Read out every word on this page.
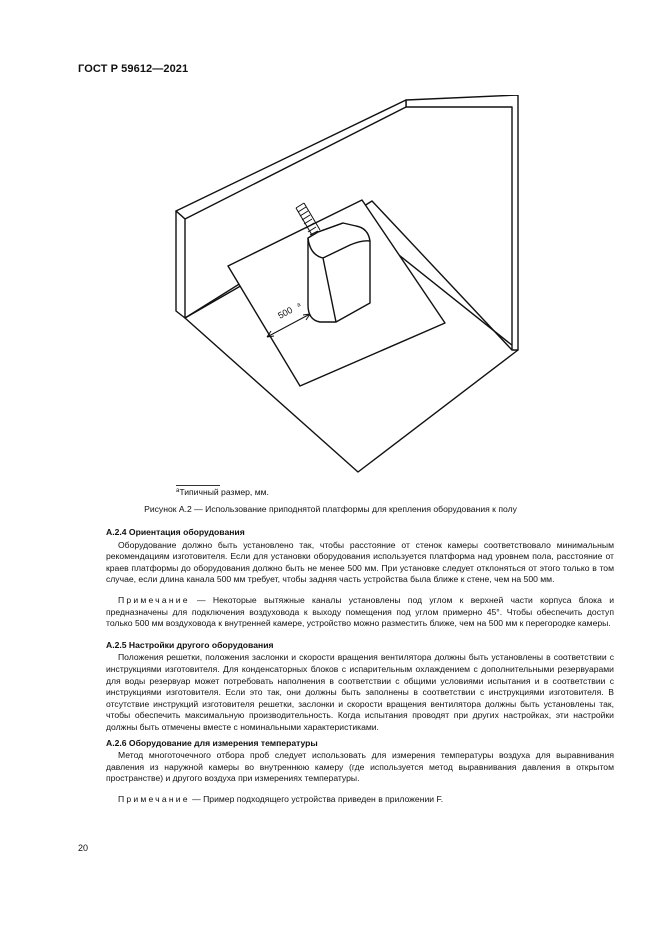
ГОСТ Р 59612—2021
500 a
$^a$Типичный размер, мм.
Рисунок А.2 — Использование приподнятой платформы для крепления оборудования к полу
А.2.4 Ориентация оборудования

Оборудование должно быть установлено так, чтобы расстояние от стенок камеры соответствовало минимальным рекомендациям изготовителя. Если для установки оборудования используется платформа над уровнем пола, расстояние от краев платформы до оборудования должно быть не менее 500 мм. При установке следует отклоняться от этого только в том случае, если длина канала 500 мм требует, чтобы задняя часть устройства была ближе к стене, чем на 500 мм.

Примечание — Некоторые вытяжные каналы установлены под углом к верхней части корпуса блока и предназначены для подключения воздуховода к выходу помещения под углом примерно 45°. Чтобы обеспечить доступ только 500 мм воздуховода к внутренней камере, устройство можно разместить ближе, чем на 500 мм к перегородке камеры.

А.2.5 Настройки другого оборудования

Положения решетки, положения заслонки и скорости вращения вентилятора должны быть установлены в соответствии с инструкциями изготовителя. Для конденсаторных блоков с испарительным охлаждением с дополнительными резервуарами для воды резервуар может потребовать наполнения в соответствии с общими условиями испытания и в соответствии с инструкциями изготовителя. Если это так, они должны быть заполнены в соответствии с инструкциями изготовителя. В отсутствие инструкций изготовителя решетки, заслонки и скорости вращения вентилятора должны быть установлены так, чтобы обеспечить максимальную производительность. Когда испытания проводят при других настройках, эти настройки должны быть отмечены вместе с номинальными характеристиками.

А.2.6 Оборудование для измерения температуры

Метод многоточечного отбора проб следует использовать для измерения температуры воздуха для выравнивания давления из наружной камеры во внутреннюю камеру (где используется метод выравнивания давления в открытом пространстве) и другого воздуха при измерениях температуры.

Примечание — Пример подходящего устройства приведен в приложении F.

20
